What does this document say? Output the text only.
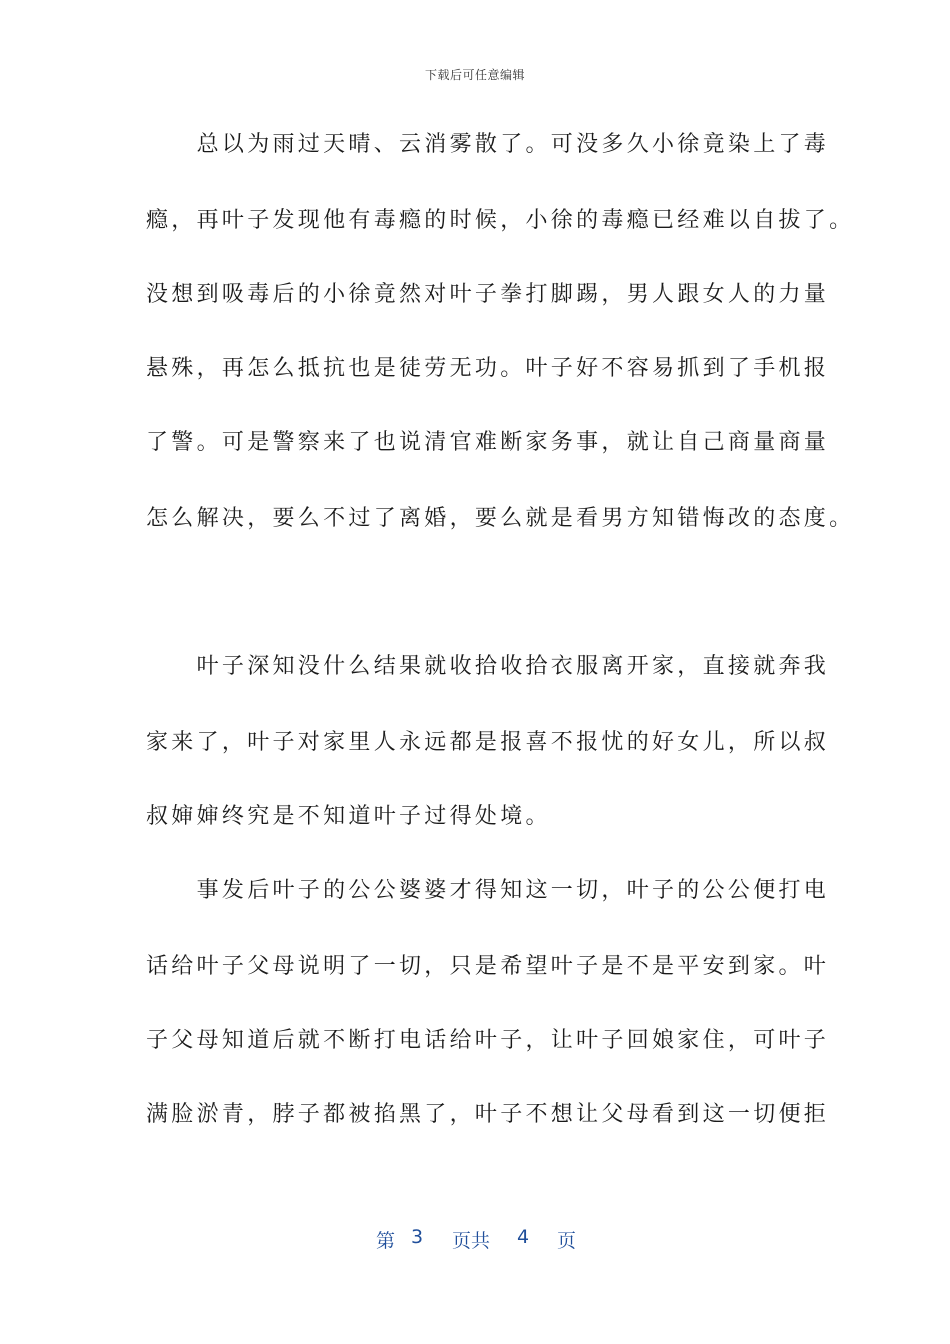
下载后可任意编辑
　　总以为雨过天晴、云消雾散了。可没多久小徐竟染上了毒
瘾，再叶子发现他有毒瘾的时候，小徐的毒瘾已经难以自拔了。
没想到吸毒后的小徐竟然对叶子拳打脚踢，男人跟女人的力量
悬殊，再怎么抵抗也是徒劳无功。叶子好不容易抓到了手机报
了警。可是警察来了也说清官难断家务事，就让自己商量商量
怎么解决，要么不过了离婚，要么就是看男方知错悔改的态度。
　　叶子深知没什么结果就收拾收拾衣服离开家，直接就奔我
家来了，叶子对家里人永远都是报喜不报忧的好女儿，所以叔
叔婶婶终究是不知道叶子过得处境。
　　事发后叶子的公公婆婆才得知这一切，叶子的公公便打电
话给叶子父母说明了一切，只是希望叶子是不是平安到家。叶
子父母知道后就不断打电话给叶子，让叶子回娘家住，可叶子
满脸淤青，脖子都被掐黑了，叶子不想让父母看到这一切便拒
第 3 页共 4 页
